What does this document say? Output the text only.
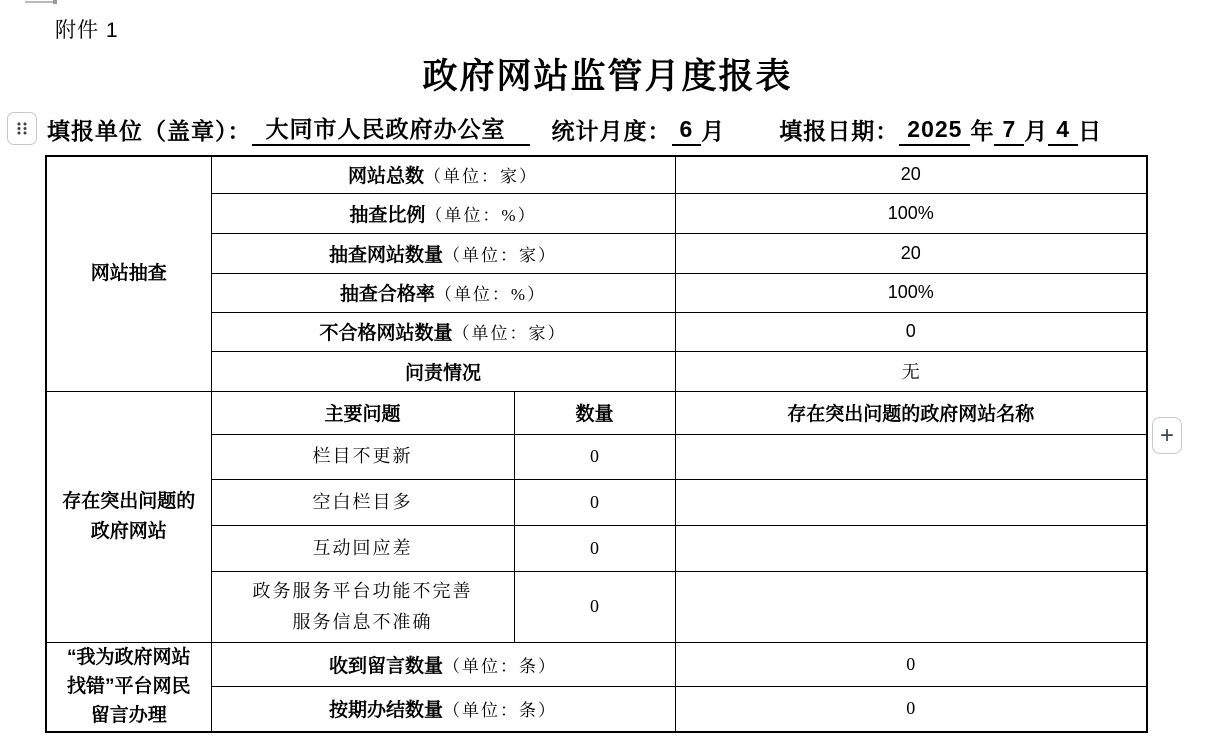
附件 1
政府网站监管月度报表
填报单位（盖章）： 大同市人民政府办公室	统计月度： 6 月 填报日期： 2025 年 7 月 4 日
网站抽查	网站总数（单位：家）		20
	抽查比例（单位：%）		100%
	抽查网站数量（单位：家）		20
	抽查合格率（单位：%）		100%
	不合格网站数量（单位：家）		0
	问责情况		无

存在突出问题的
政府网站	主要问题	数量	存在突出问题的政府网站名称
	栏目不更新	0	
	空白栏目多	0	
	互动回应差	0	

	政务服务平台功能不完善
服务信息不准确	0	

“我为政府网站
找错”平台网民
留言办理	收到留言数量（单位：条）		0
	按期办结数量（单位：条）		0
+
